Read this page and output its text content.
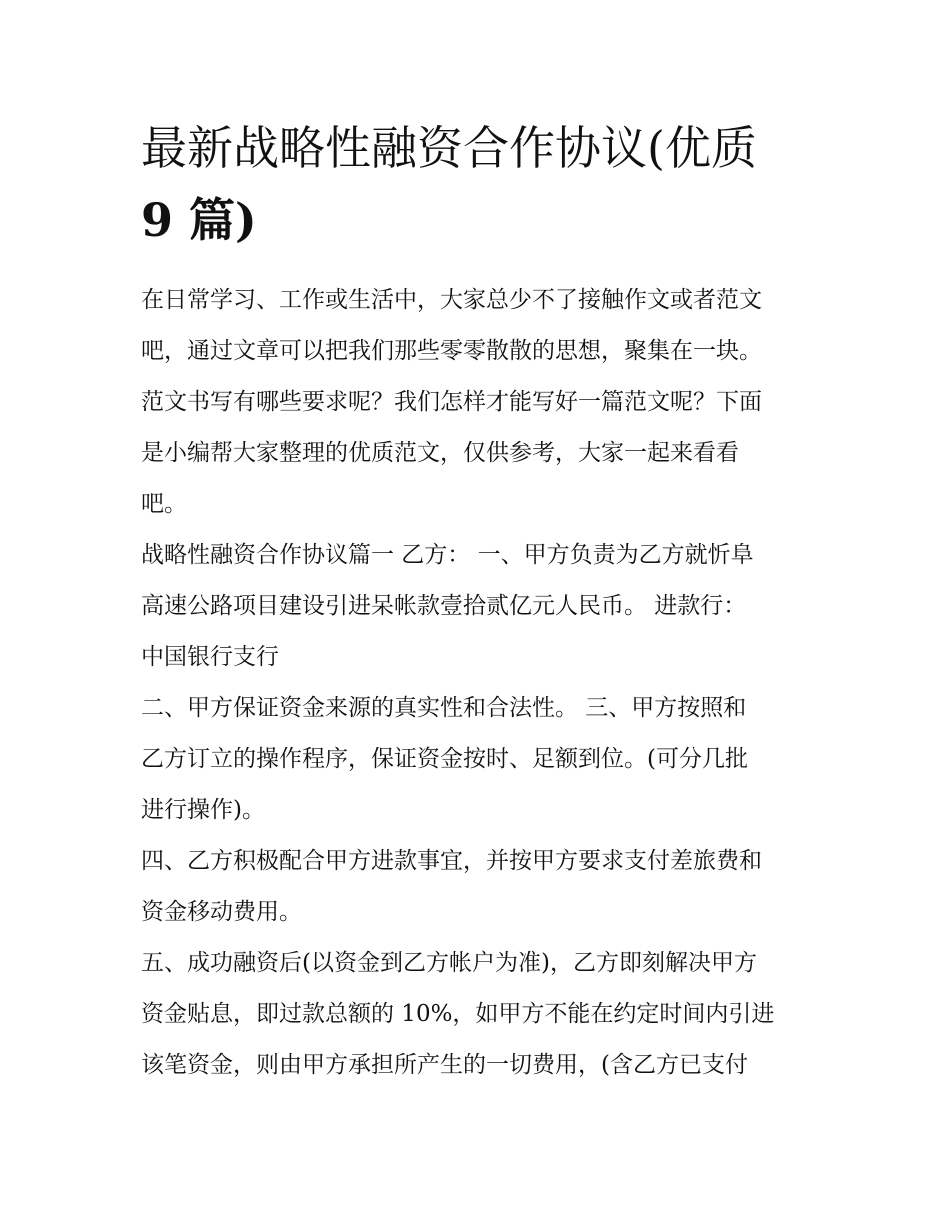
最新战略性融资合作协议(优质
9 篇)

在日常学习、工作或生活中，大家总少不了接触作文或者范文

吧，通过文章可以把我们那些零零散散的思想，聚集在一块。

范文书写有哪些要求呢？我们怎样才能写好一篇范文呢？下面

是小编帮大家整理的优质范文，仅供参考，大家一起来看看

吧。

战略性融资合作协议篇一 乙方： 一、甲方负责为乙方就忻阜

高速公路项目建设引进呆帐款壹拾贰亿元人民币。 进款行：

中国银行支行

二、甲方保证资金来源的真实性和合法性。 三、甲方按照和

乙方订立的操作程序，保证资金按时、足额到位。(可分几批

进行操作)。

四、乙方积极配合甲方进款事宜，并按甲方要求支付差旅费和

资金移动费用。

五、成功融资后(以资金到乙方帐户为准)，乙方即刻解决甲方

资金贴息，即过款总额的 10%，如甲方不能在约定时间内引进

该笔资金，则由甲方承担所产生的一切费用，(含乙方已支付
